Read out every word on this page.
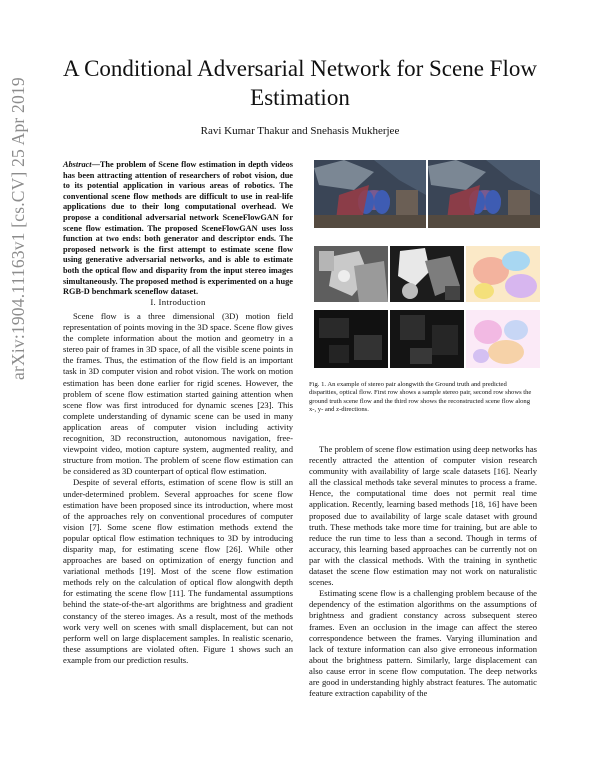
A Conditional Adversarial Network for Scene Flow Estimation
Ravi Kumar Thakur and Snehasis Mukherjee
arXiv:1904.11163v1 [cs.CV] 25 Apr 2019	Abstract—The problem of Scene flow estimation in depth videos has been attracting attention of researchers of robot vision, due to its potential application in various areas of robotics. The conventional scene flow methods are difficult to use in real-life applications due to their long computational overhead. We propose a conditional adversarial network SceneFlowGAN for scene flow estimation. The proposed SceneFlowGAN uses loss function at two ends: both generator and descriptor ends. The proposed network is the first attempt to estimate scene flow using generative adversarial networks, and is able to estimate both the optical flow and disparity from the input stereo images simultaneously. The proposed method is experimented on a huge RGB-D benchmark sceneflow dataset.
I. Introduction

Scene flow is a three dimensional (3D) motion field representation of points moving in the 3D space. Scene flow gives the complete information about the motion and geometry in a stereo pair of frames in 3D space, of all the visible scene points in the frames. Thus, the estimation of the flow field is an important task in 3D computer vision and robot vision. The work on motion estimation has been done earlier for rigid scenes. However, the problem of scene flow estimation started gaining attention when scene flow was first introduced for dynamic scenes [23]. This complete understanding of dynamic scene can be used in many application areas of computer vision including activity recognition, 3D reconstruction, autonomous navigation, free-viewpoint video, motion capture system, augmented reality, and structure from motion. The problem of scene flow estimation can be considered as 3D counterpart of optical flow estimation.

Despite of several efforts, estimation of scene flow is still an under-determined problem. Several approaches for scene flow estimation have been proposed since its introduction, where most of the approaches rely on conventional procedures of computer vision [7]. Some scene flow estimation methods extend the popular optical flow estimation techniques to 3D by introducing disparity map, for estimating scene flow [26]. While other approaches are based on optimization of energy function and variational methods [19]. Most of the scene flow estimation methods rely on the calculation of optical flow alongwith depth for estimating the scene flow [11]. The fundamental assumptions behind the state-of-the-art algorithms are brightness and gradient constancy of the stereo images. As a result, most of the methods work very well on scenes with small displacement, but can not perform well on large displacement samples. In realistic scenario, these assumptions are violated often. Figure 1 shows such an example from our prediction results.

Fig. 1. An example of stereo pair alongwith the Ground truth and predicted disparities, optical flow. First row shows a sample stereo pair, second row shows the ground truth scene flow and the third row shows the reconstructed scene flow along x-, y- and z-directions.

The problem of scene flow estimation using deep networks has recently attracted the attention of computer vision research community with availability of large scale datasets [16]. Nearly all the classical methods take several minutes to process a frame. Hence, the computational time does not permit real time application. Recently, learning based methods [18, 16] have been proposed due to availability of large scale dataset with ground truth. These methods take more time for training, but are able to reduce the run time to less than a second. Though in terms of accuracy, this learning based approaches can be currently not on par with the classical methods. With the training in synthetic dataset the scene flow estimation may not work on naturalistic scenes.

Estimating scene flow is a challenging problem because of the dependency of the estimation algorithms on the assumptions of brightness and gradient constancy across subsequent stereo frames. Even an occlusion in the image can affect the stereo correspondence between the frames. Varying illumination and lack of texture information can also give erroneous information about the brightness pattern. Similarly, large displacement can also cause error in scene flow computation. The deep networks are good in understanding highly abstract features. The automatic feature extraction capability of the
